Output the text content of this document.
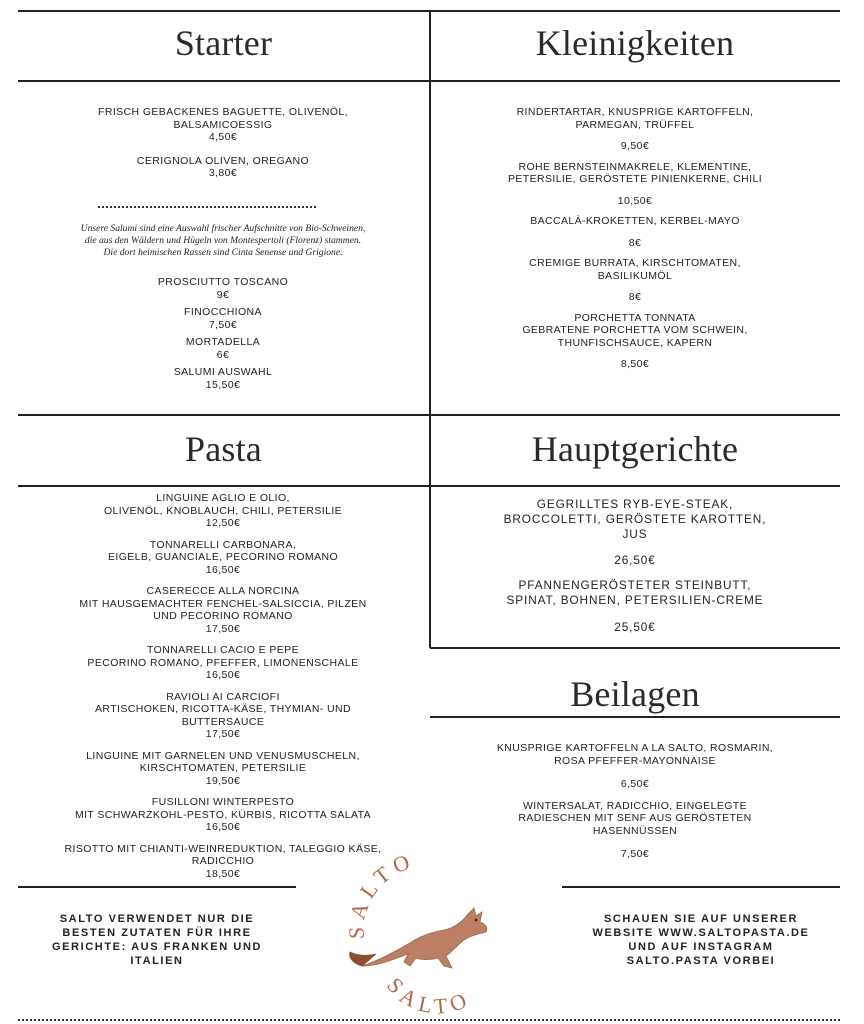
Starter	Kleinigkeiten
Pasta	Hauptgerichte
Beilagen

FRISCH GEBACKENES BAGUETTE, OLIVENÖL,
BALSAMICOESSIG

4,50€

CERIGNOLA OLIVEN, OREGANO

3,80€

Unsere Salumi sind eine Auswahl frischer Aufschnitte von Bio-Schweinen,
die aus den Wäldern und Hügeln von Montespertoli (Florenz) stammen.
Die dort heimischen Rassen sind Cinta Senense und Grigione.

PROSCIUTTO TOSCANO

9€

FINOCCHIONA

7,50€

MORTADELLA

6€

SALUMI AUSWAHL

15,50€

RINDERTARTAR, KNUSPRIGE KARTOFFELN,
PARMEGAN, TRÜFFEL

9,50€

ROHE BERNSTEINMAKRELE, KLEMENTINE,
PETERSILIE, GERÖSTETE PINIENKERNE, CHILI

10,50€

BACCALÀ-KROKETTEN, KERBEL-MAYO

8€

CREMIGE BURRATA, KIRSCHTOMATEN,
BASILIKUMÖL

8€

PORCHETTA TONNATA
GEBRATENE PORCHETTA VOM SCHWEIN,
THUNFISCHSAUCE, KAPERN

8,50€

LINGUINE AGLIO E OLIO,
OLIVENÖL, KNOBLAUCH, CHILI, PETERSILIE

12,50€

TONNARELLI CARBONARA,
EIGELB, GUANCIALE, PECORINO ROMANO

16,50€

CASERECCE ALLA NORCINA
MIT HAUSGEMACHTER FENCHEL-SALSICCIA, PILZEN
UND PECORINO ROMANO

17,50€

TONNARELLI CACIO E PEPE
PECORINO ROMANO, PFEFFER, LIMONENSCHALE

16,50€

RAVIOLI AI CARCIOFI
ARTISCHOKEN, RICOTTA-KÄSE, THYMIAN- UND
BUTTERSAUCE

17,50€

LINGUINE MIT GARNELEN UND VENUSMUSCHELN,
KIRSCHTOMATEN, PETERSILIE

19,50€

FUSILLONI WINTERPESTO
MIT SCHWARZKOHL-PESTO, KÜRBIS, RICOTTA SALATA

16,50€

RISOTTO MIT CHIANTI-WEINREDUKTION, TALEGGIO KÄSE,
RADICCHIO

18,50€

GEGRILLTES RYB-EYE-STEAK,
BROCCOLETTI, GERÖSTETE KAROTTEN,
JUS

26,50€

PFANNENGERÖSTETER STEINBUTT,
SPINAT, BOHNEN, PETERSILIEN-CREME

25,50€

KNUSPRIGE KARTOFFELN A LA SALTO, ROSMARIN,
ROSA PFEFFER-MAYONNAISE

6,50€

WINTERSALAT, RADICCHIO, EINGELEGTE
RADIESCHEN MIT SENF AUS GERÖSTETEN
HASENNÜSSEN

7,50€

SALTO VERWENDET NUR DIE
BESTEN ZUTATEN FÜR IHRE
GERICHTE: AUS FRANKEN UND
ITALIEN

SCHAUEN SIE AUF UNSERER
WEBSITE WWW.SALTOPASTA.DE
UND AUF INSTAGRAM
SALTO.PASTA VORBEI

SALTO
SALTO
